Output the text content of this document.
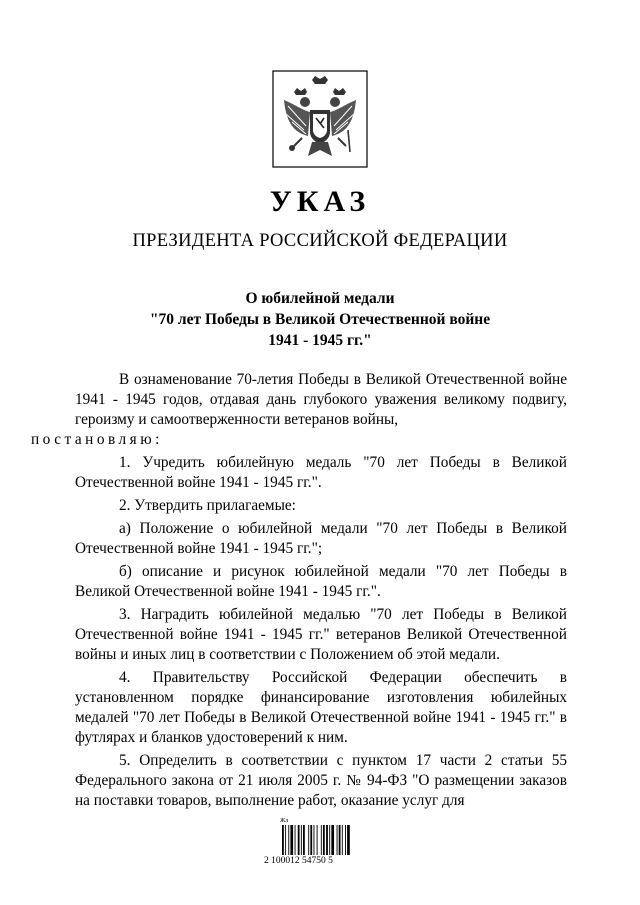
УКАЗ
ПРЕЗИДЕНТА РОССИЙСКОЙ ФЕДЕРАЦИИ
О юбилейной медали
"70 лет Победы в Великой Отечественной войне
1941 - 1945 гг."

В ознаменование 70-летия Победы в Великой Отечественной войне 1941 - 1945 годов, отдавая дань глубокого уважения великому подвигу, героизму и самоотверженности ветеранов войны,
постановляю:

1. Учредить юбилейную медаль "70 лет Победы в Великой Отечественной войне 1941 - 1945 гг.".

2. Утвердить прилагаемые:

а) Положение о юбилейной медали "70 лет Победы в Великой Отечественной войне 1941 - 1945 гг.";

б) описание и рисунок юбилейной медали "70 лет Победы в Великой Отечественной войне 1941 - 1945 гг.".

3. Наградить юбилейной медалью "70 лет Победы в Великой Отечественной войне 1941 - 1945 гг." ветеранов Великой Отечественной войны и иных лиц в соответствии с Положением об этой медали.

4. Правительству Российской Федерации обеспечить в установленном порядке финансирование изготовления юбилейных медалей "70 лет Победы в Великой Отечественной войне 1941 - 1945 гг." в футлярах и бланков удостоверений к ним.

5. Определить в соответствии с пунктом 17 части 2 статьи 55 Федерального закона от 21 июля 2005 г. № 94-ФЗ "О размещении заказов на поставки товаров, выполнение работ, оказание услуг для

Жл
2 100012 54750 5
